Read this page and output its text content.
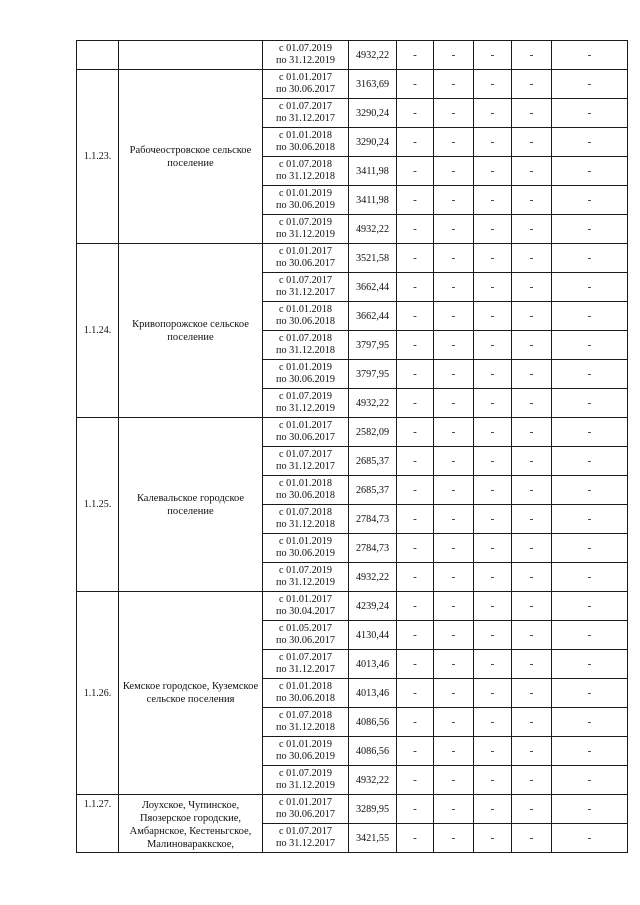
		с 01.07.2019
по 31.12.2019	4932,22	-	-	-	-	-
1.1.23.	Рабочеостровское сельское поселение	с 01.01.2017
по 30.06.2017	3163,69	-	-	-	-	-

		с 01.07.2017
по 31.12.2017	3290,24	-	-	-	-	-

		с 01.01.2018
по 30.06.2018	3290,24	-	-	-	-	-

		с 01.07.2018
по 31.12.2018	3411,98	-	-	-	-	-

		с 01.01.2019
по 30.06.2019	3411,98	-	-	-	-	-

		с 01.07.2019
по 31.12.2019	4932,22	-	-	-	-	-
1.1.24.	Кривопорожское сельское поселение	с 01.01.2017
по 30.06.2017	3521,58	-	-	-	-	-

		с 01.07.2017
по 31.12.2017	3662,44	-	-	-	-	-

		с 01.01.2018
по 30.06.2018	3662,44	-	-	-	-	-

		с 01.07.2018
по 31.12.2018	3797,95	-	-	-	-	-

		с 01.01.2019
по 30.06.2019	3797,95	-	-	-	-	-

		с 01.07.2019
по 31.12.2019	4932,22	-	-	-	-	-
1.1.25.	Калевальское городское поселение	с 01.01.2017
по 30.06.2017	2582,09	-	-	-	-	-

		с 01.07.2017
по 31.12.2017	2685,37	-	-	-	-	-

		с 01.01.2018
по 30.06.2018	2685,37	-	-	-	-	-

		с 01.07.2018
по 31.12.2018	2784,73	-	-	-	-	-

		с 01.01.2019
по 30.06.2019	2784,73	-	-	-	-	-

		с 01.07.2019
по 31.12.2019	4932,22	-	-	-	-	-
1.1.26.	Кемское городское, Куземское сельское поселения	с 01.01.2017
по 30.04.2017	4239,24	-	-	-	-	-

		с 01.05.2017
по 30.06.2017	4130,44	-	-	-	-	-

		с 01.07.2017
по 31.12.2017	4013,46	-	-	-	-	-

		с 01.01.2018
по 30.06.2018	4013,46	-	-	-	-	-

		с 01.07.2018
по 31.12.2018	4086,56	-	-	-	-	-

		с 01.01.2019
по 30.06.2019	4086,56	-	-	-	-	-

		с 01.07.2019
по 31.12.2019	4932,22	-	-	-	-	-
1.1.27.	Лоухское, Чупинское, Пяозерское городские, Амбарнское, Кестеньгское, Малиновараккское,	с 01.01.2017
по 30.06.2017	3289,95	-	-	-	-	-

		с 01.07.2017
по 31.12.2017	3421,55	-	-	-	-	-
